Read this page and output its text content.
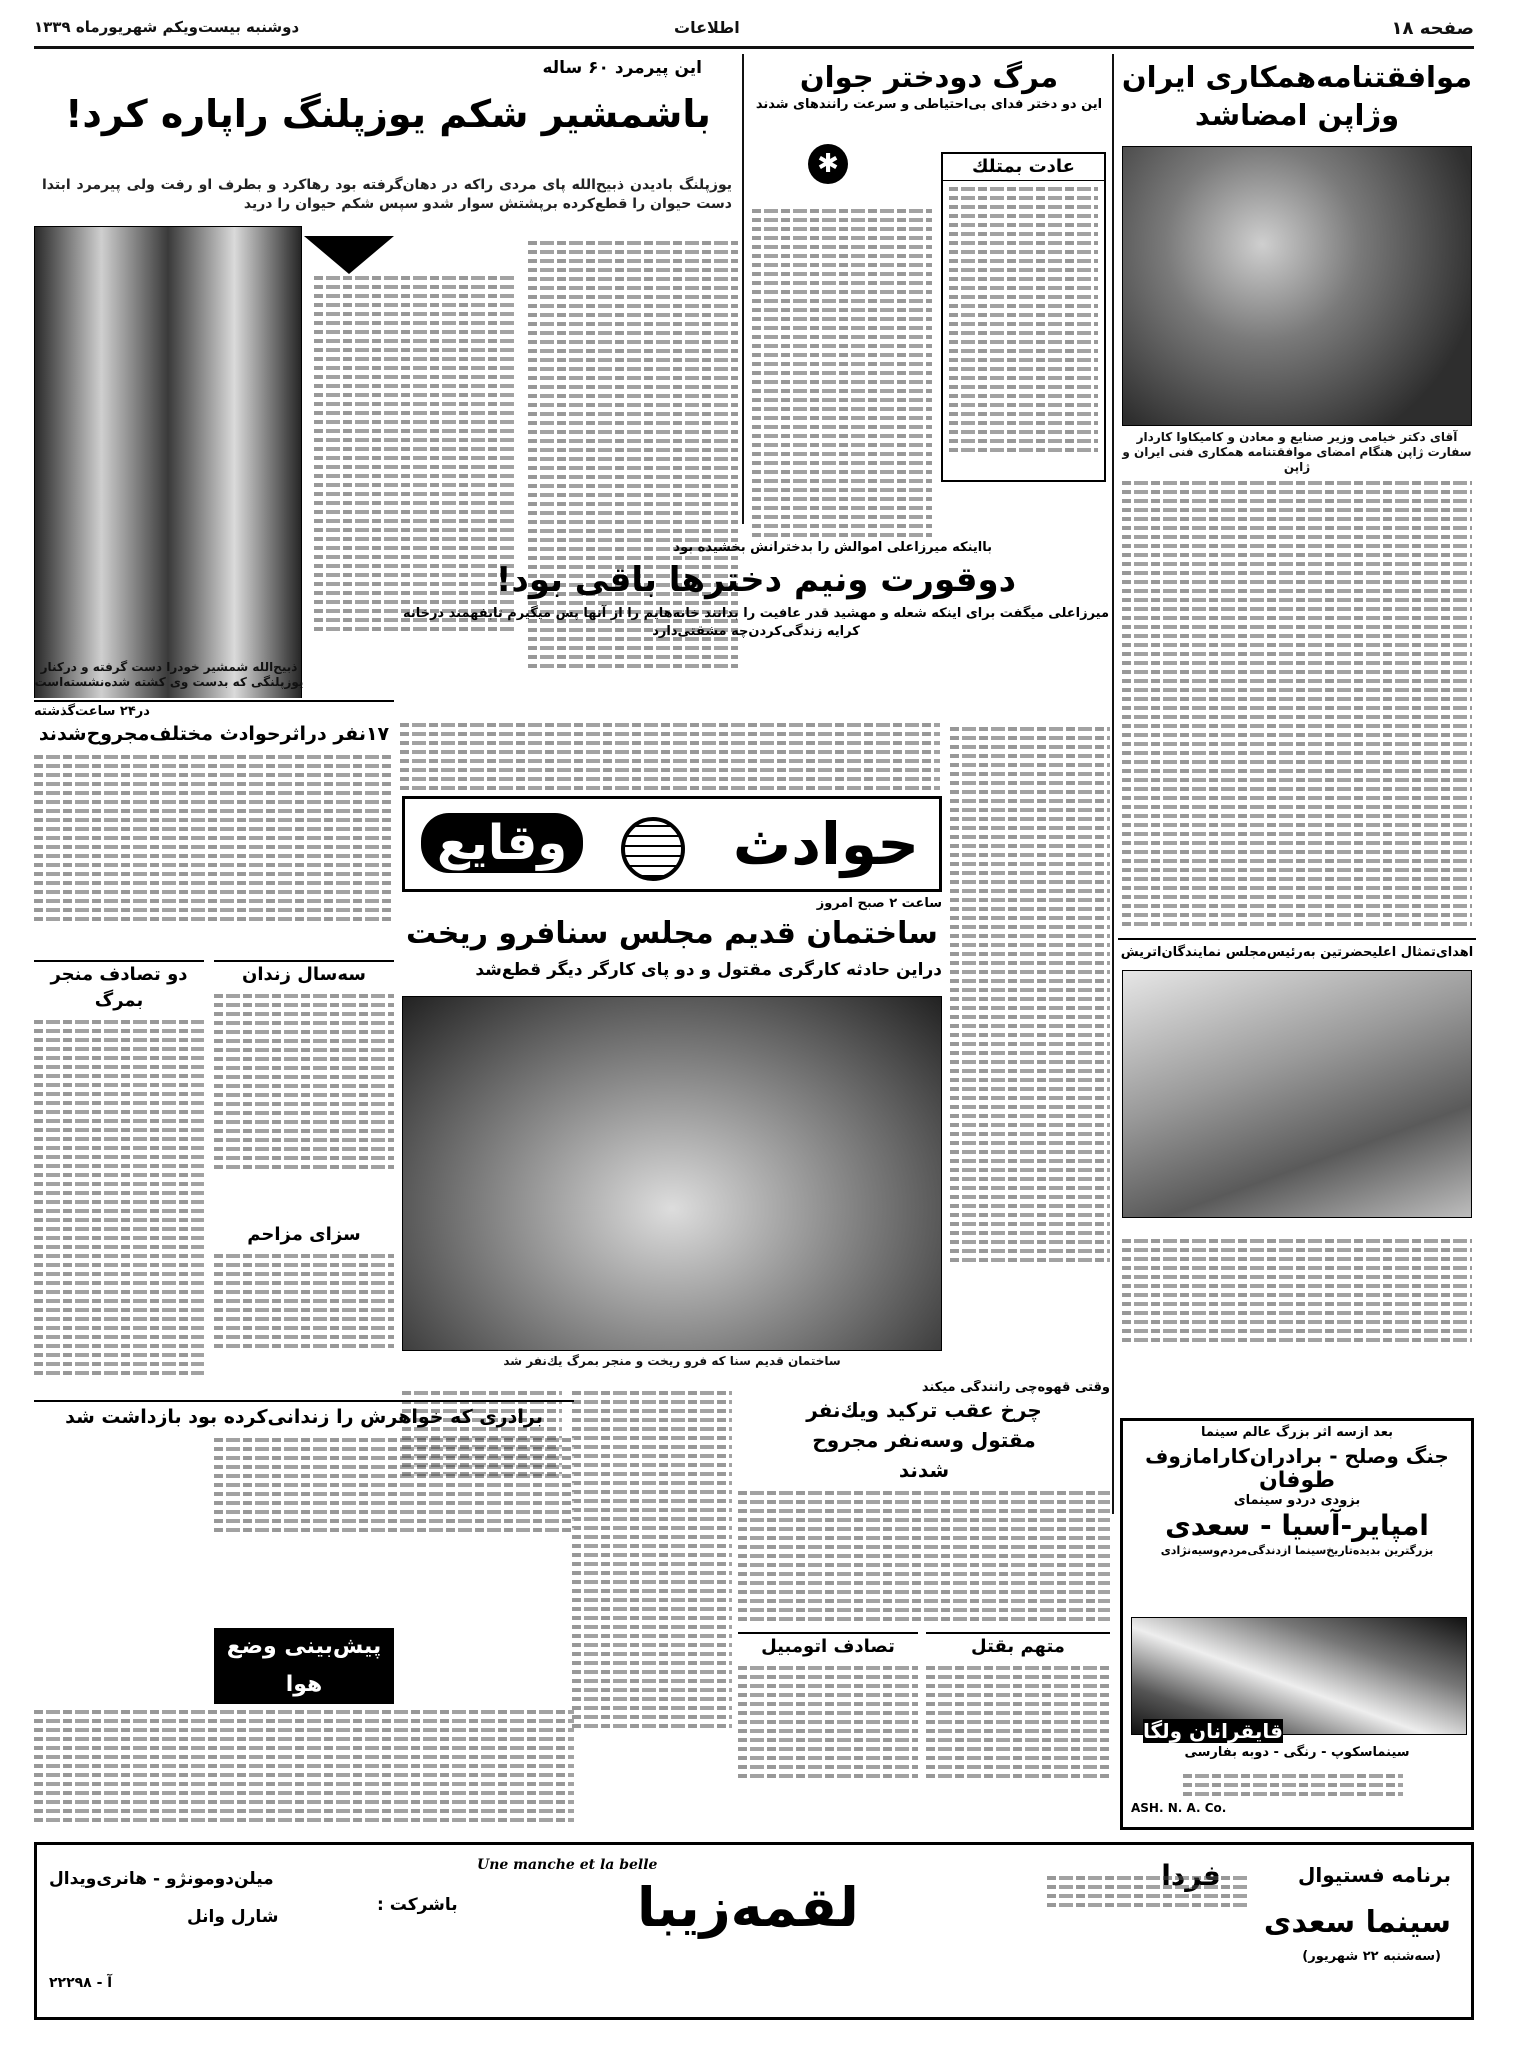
صفحه ۱۸
اطلاعات
دوشنبه بیست‌ویکم شهریورماه ۱۳۳۹
موافقتنامه‌همکاری ایران
وژاپن امضاشد
آقای دکتر خیامی وزیر صنایع و معادن و کامیکاوا کاردار سفارت ژاپن هنگام امضای موافقتنامه همکاری فنی ایران و ژاپن
اهدای‌تمثال اعلیحضرتین به‌رئیس‌مجلس نمایندگان‌اتریش
بعد از‌سه اثر بزرگ عالم سینما
جنگ وصلح - برادران‌کارامازوف
طوفان
بزودی دردو سینمای
امپایر-آسیا - سعدی
بزرگترین بدیده‌تاریخ‌سینما ازدندگی‌مردم‌وسیه‌نژادی
قایقرانان ولگا
سینماسکوپ - رنگی - دوبه بفارسی
ASH. N. A. Co.
مرگ دودختر جوان
این دو دختر فدای بی‌احتیاطی و سرعت رانندهای شدند
✱	عادت بمتلك
این پیرمرد ۶۰ ساله
باشمشیر شکم یوزپلنگ راپاره کرد!
یوزپلنگ بادیدن ذبیح‌الله پای مردی راکه در دهان‌گرفته بود رهاکرد و بطرف او رفت ولی پیرمرد ابتدا دست حیوان را قطع‌کرده برپشتش سوار شدو سپس شکم حیوان را درید
ذبیح‌الله شمشیر خودرا دست گرفته و درکنار یوزپلنگی که بدست وی کشته شده‌نشسته‌است
بااینکه میرزاعلی اموالش را بدخترانش بخشیده بود
دوقورت ونیم دخترها باقی بود!
میرزاعلی میگفت برای اینکه شعله و مهشید قدر عافیت را بدانند خانه‌هایم را از آنها پس میگیرم تابفهمند درخانه کرایه زندگی‌کردن‌چه مشقتی‌دارد
در۲۴ ساعت‌گذشته
۱۷نفر دراثرحوادث مختلف‌مجروح‌شدند
وقایع	حوادث
ساعت ۲ صبح امروز
ساختمان قدیم مجلس سنافرو ریخت
دراین حادثه کارگری مقتول و دو پای کارگر دیگر قطع‌شد
ساختمان قدیم سنا که فرو ریخت و منجر بمرگ یك‌نفر شد
دو تصادف منجر بمرگ
سه‌سال زندان
سزای مزاحم
وقتی قهوه‌چی رانندگی میکند
چرخ عقب ترکید ویك‌نفر مقتول وسه‌نفر مجروح شدند
برادری که خواهرش را زندانی‌کرده بود بازداشت شد
پیش‌بینی وضع هوا
تصادف اتومبیل	متهم بقتل
برنامه فستیوال
سینما سعدی
(سه‌شنبه ۲۲ شهریور)
لقمه‌زیبا
Une manche et la belle
باشرکت :
میلن‌دومونژو - هانری‌ویدال
شارل وانل
آ - ۲۲۲۹۸
